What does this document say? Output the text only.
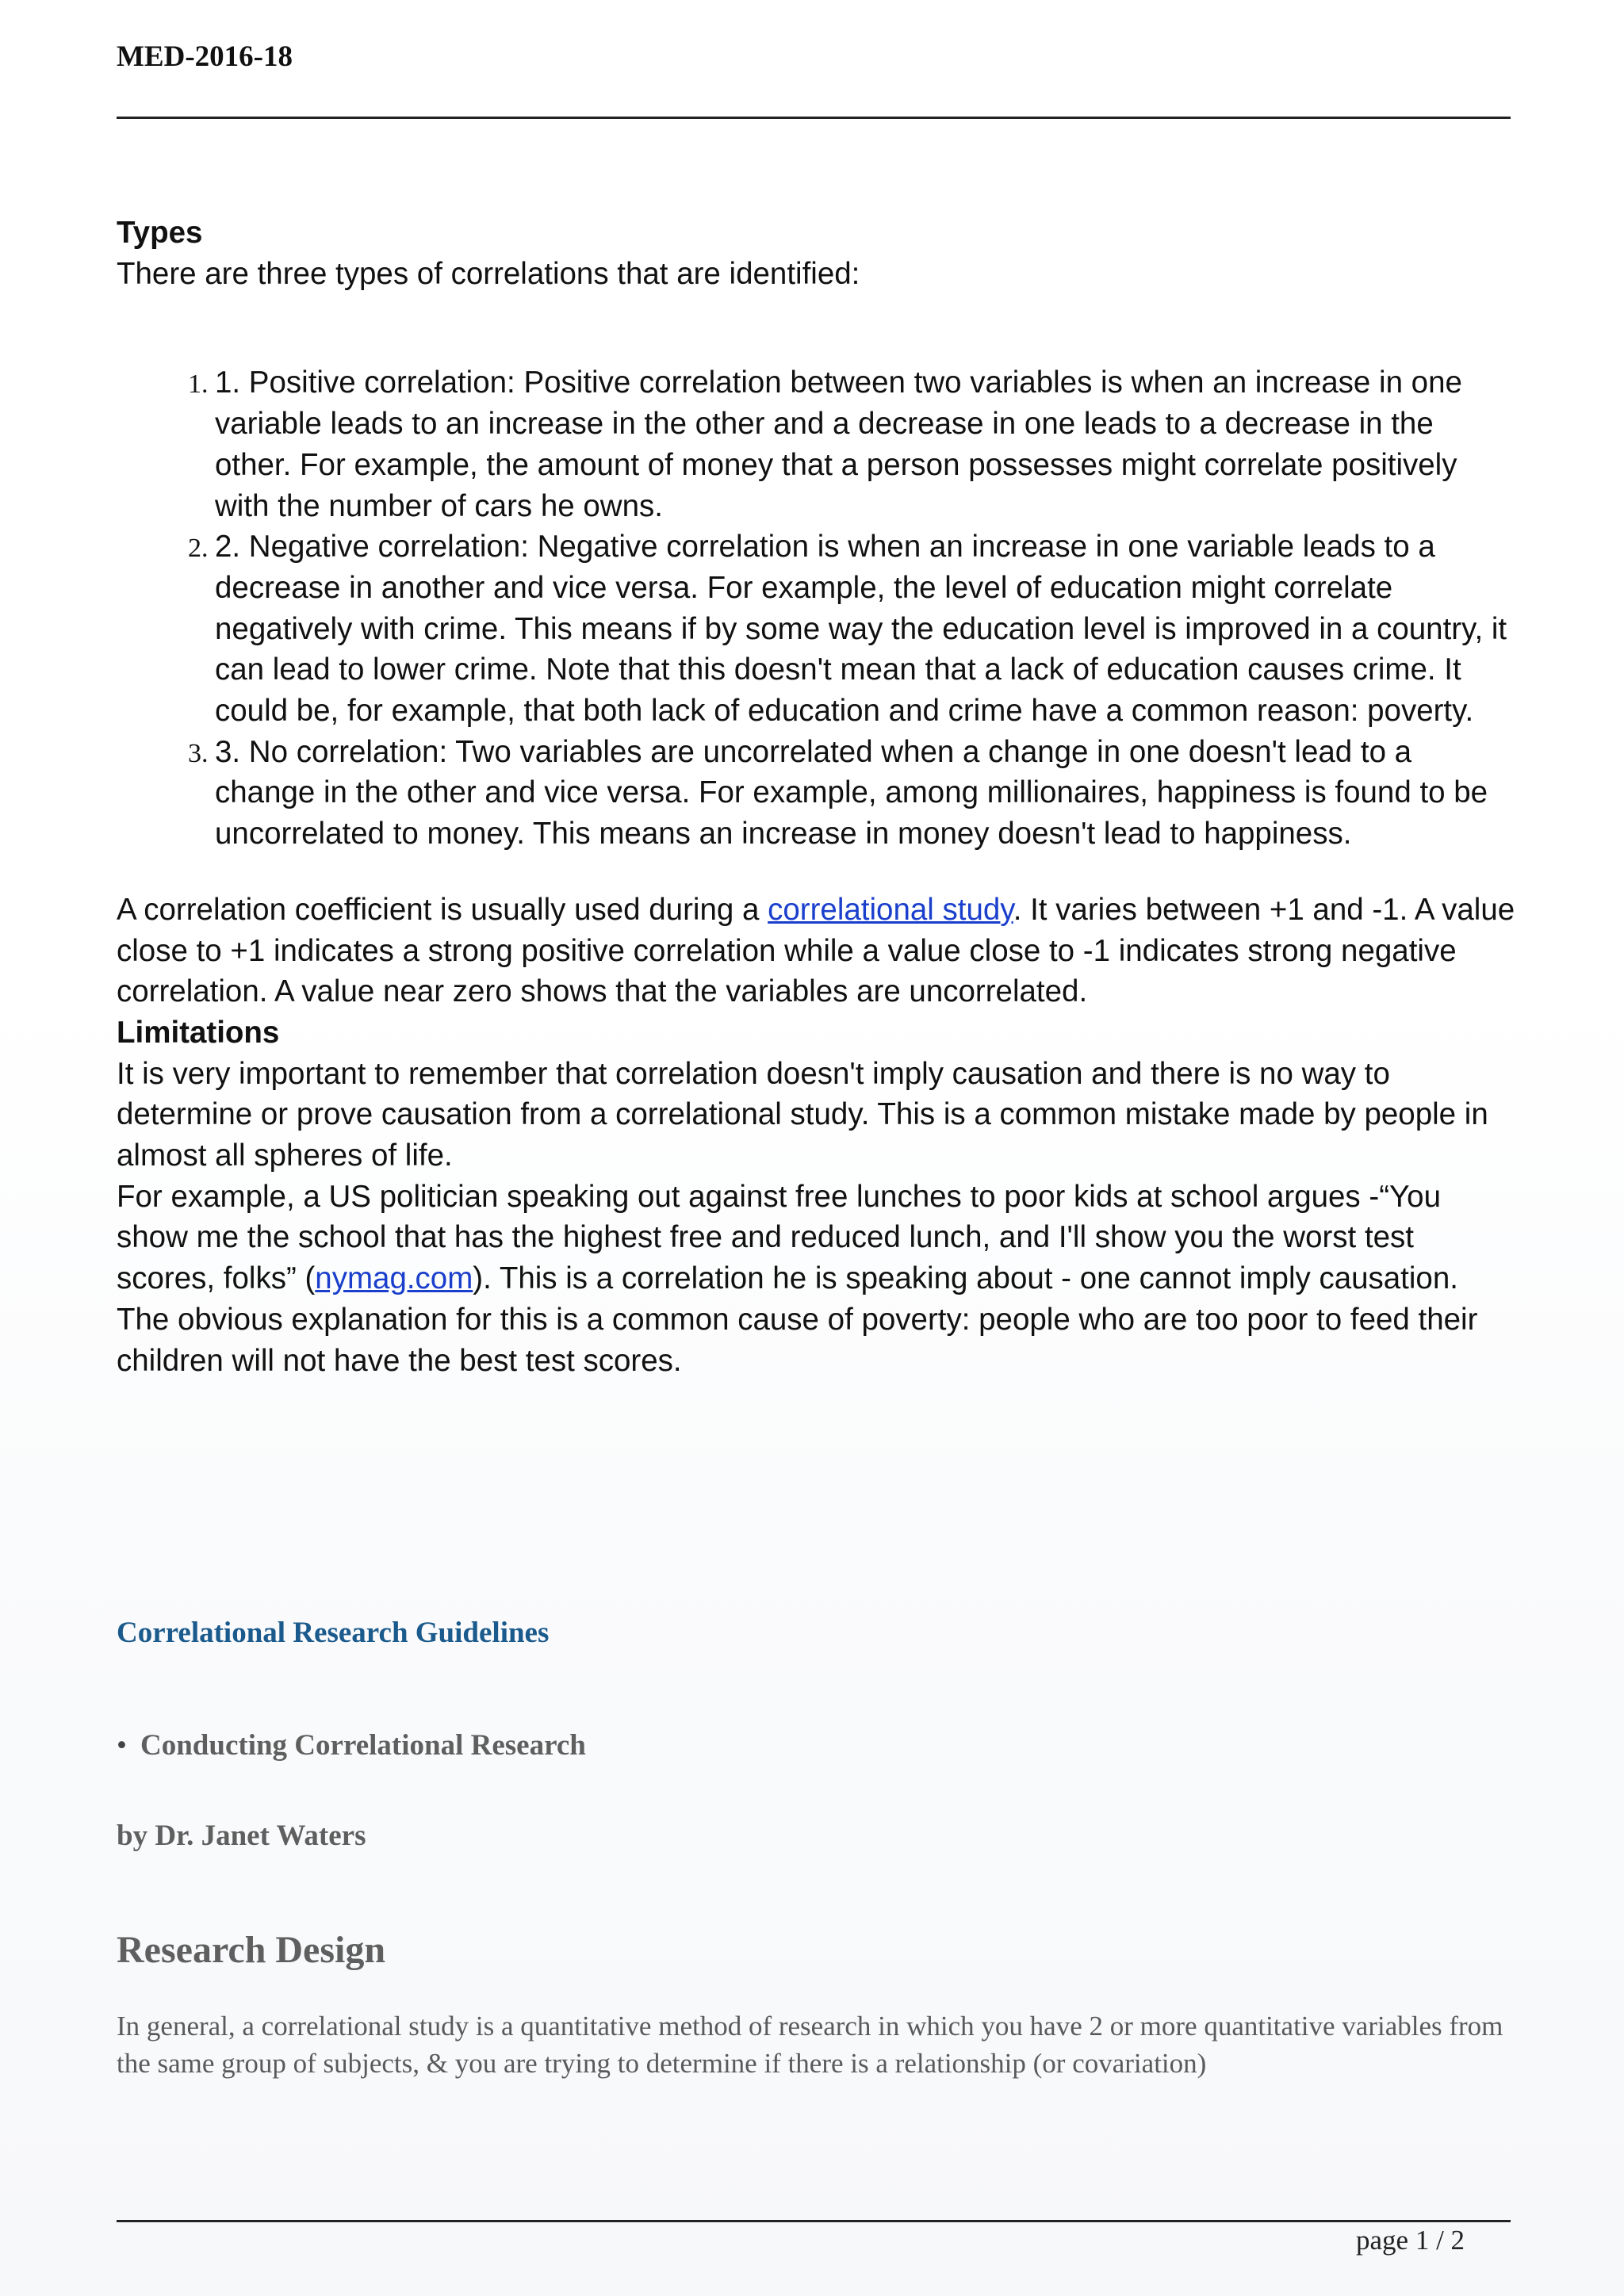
MED-2016-18

Types

There are three types of correlations that are identified:

1. 1. Positive correlation: Positive correlation between two variables is when an increase in one variable leads to an increase in the other and a decrease in one leads to a decrease in the other. For example, the amount of money that a person possesses might correlate positively with the number of cars he owns.
2. 2. Negative correlation: Negative correlation is when an increase in one variable leads to a decrease in another and vice versa. For example, the level of education might correlate negatively with crime. This means if by some way the education level is improved in a country, it can lead to lower crime. Note that this doesn't mean that a lack of education causes crime. It could be, for example, that both lack of education and crime have a common reason: poverty.
3. 3. No correlation: Two variables are uncorrelated when a change in one doesn't lead to a change in the other and vice versa. For example, among millionaires, happiness is found to be uncorrelated to money. This means an increase in money doesn't lead to happiness.

A correlation coefficient is usually used during a correlational study. It varies between +1 and -1. A value close to +1 indicates a strong positive correlation while a value close to -1 indicates strong negative correlation. A value near zero shows that the variables are uncorrelated.

Limitations

It is very important to remember that correlation doesn't imply causation and there is no way to determine or prove causation from a correlational study. This is a common mistake made by people in almost all spheres of life.

For example, a US politician speaking out against free lunches to poor kids at school argues -“You show me the school that has the highest free and reduced lunch, and I'll show you the worst test scores, folks” (nymag.com). This is a correlation he is speaking about - one cannot imply causation. The obvious explanation for this is a common cause of poverty: people who are too poor to feed their children will not have the best test scores.

Correlational Research Guidelines
• Conducting Correlational Research
by Dr. Janet Waters
Research Design
In general, a correlational study is a quantitative method of research in which you have 2 or more quantitative variables from the same group of subjects, & you are trying to determine if there is a relationship (or covariation)
page 1 / 2
